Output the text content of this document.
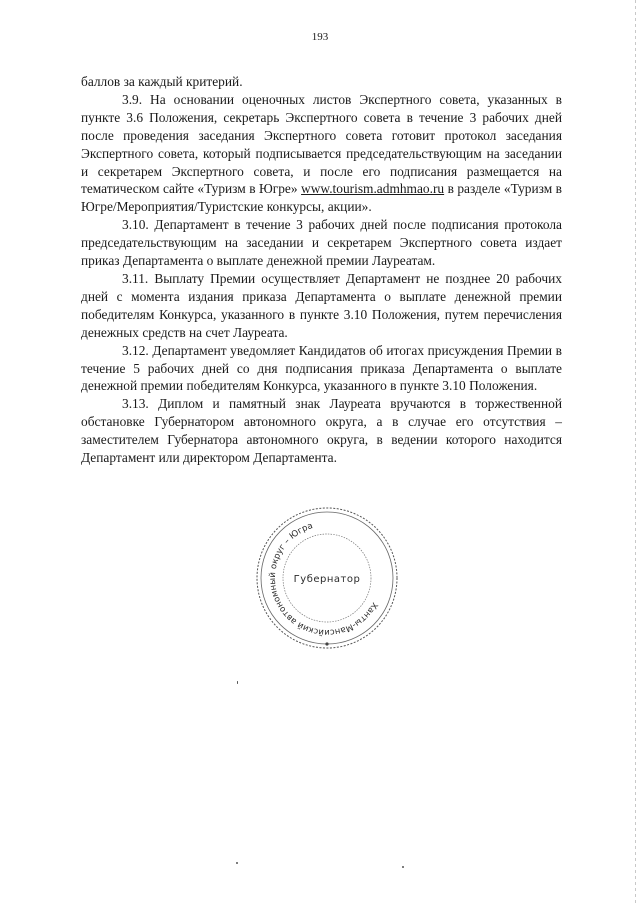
193

баллов за каждый критерий.

3.9. На основании оценочных листов Экспертного совета, указанных в пункте 3.6 Положения, секретарь Экспертного совета в течение 3 рабочих дней после проведения заседания Экспертного совета готовит протокол заседания Экспертного совета, который подписывается председательствующим на заседании и секретарем Экспертного совета, и после его подписания размещается на тематическом сайте «Туризм в Югре» www.tourism.admhmao.ru в разделе «Туризм в Югре/Мероприятия/Туристские конкурсы, акции».

3.10. Департамент в течение 3 рабочих дней после подписания протокола председательствующим на заседании и секретарем Экспертного совета издает приказ Департамента о выплате денежной премии Лауреатам.

3.11. Выплату Премии осуществляет Департамент не позднее 20 рабочих дней с момента издания приказа Департамента о выплате денежной премии победителям Конкурса, указанного в пункте 3.10 Положения, путем перечисления денежных средств на счет Лауреата.

3.12. Департамент уведомляет Кандидатов об итогах присуждения Премии в течение 5 рабочих дней со дня подписания приказа Департамента о выплате денежной премии победителям Конкурса, указанного в пункте 3.10 Положения.

3.13. Диплом и памятный знак Лауреата вручаются в торжественной обстановке Губернатором автономного округа, а в случае его отсутствия – заместителем Губернатора автономного округа, в ведении которого находится Департамент или директором Департамента.

Ханты-Мансийский автономный округ – Югра
Губернатор
